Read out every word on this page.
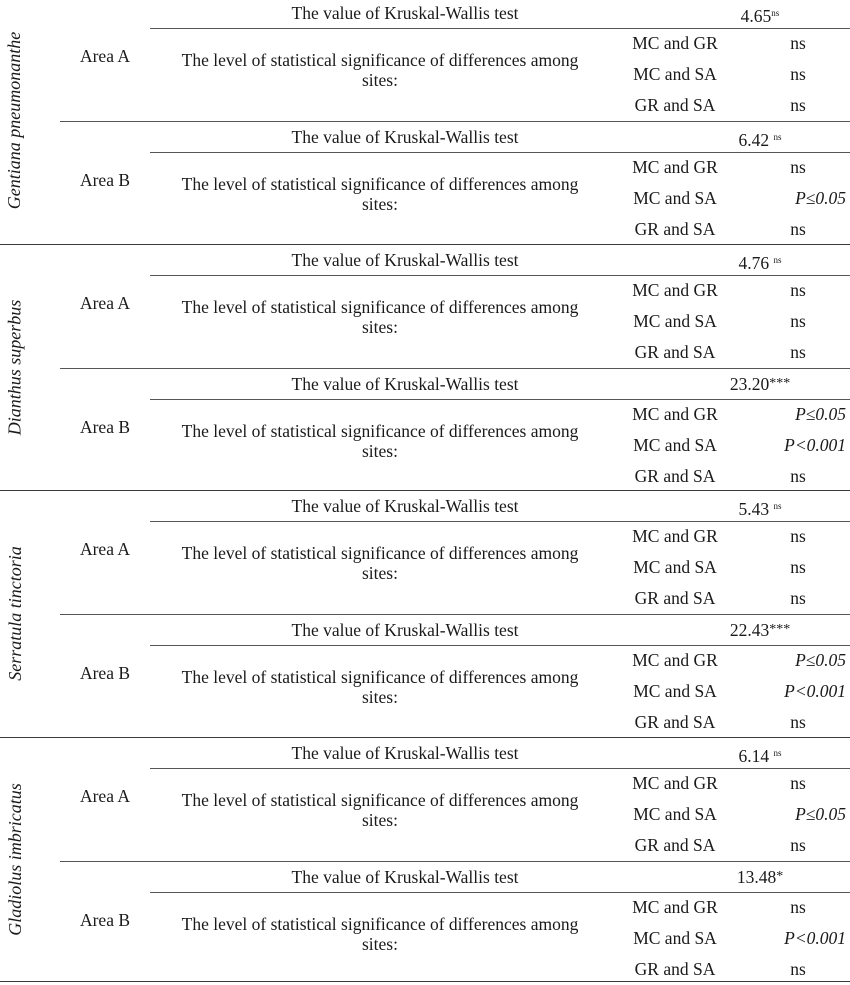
Gentiana pneumonanthe
The value of Kruskal-Wallis test	$4.65^{ns}$
Area A	The level of statistical significance of differences among sites:
MC and GR	ns
MC and SA	ns
GR and SA	ns
The value of Kruskal-Wallis test	6.42 $^{ns}$
Area B	The level of statistical significance of differences among sites:
MC and GR	ns
MC and SA	P≤0.05
GR and SA	ns
Dianthus superbus
The value of Kruskal-Wallis test	4.76 $^{ns}$
Area A	The level of statistical significance of differences among sites:
MC and GR	ns
MC and SA	ns
GR and SA	ns
The value of Kruskal-Wallis test	23.20***
Area B	The level of statistical significance of differences among sites:
MC and GR	P≤0.05
MC and SA	P<0.001
GR and SA	ns
Serratula tinctoria
The value of Kruskal-Wallis test	5.43 $^{ns}$
Area A	The level of statistical significance of differences among sites:
MC and GR	ns
MC and SA	ns
GR and SA	ns
The value of Kruskal-Wallis test	22.43***
Area B	The level of statistical significance of differences among sites:
MC and GR	P≤0.05
MC and SA	P<0.001
GR and SA	ns
Gladiolus imbricatus
The value of Kruskal-Wallis test	6.14 $^{ns}$
Area A	The level of statistical significance of differences among sites:
MC and GR	ns
MC and SA	P≤0.05
GR and SA	ns
The value of Kruskal-Wallis test	13.48*
Area B	The level of statistical significance of differences among sites:
MC and GR	ns
MC and SA	P<0.001
GR and SA	ns
